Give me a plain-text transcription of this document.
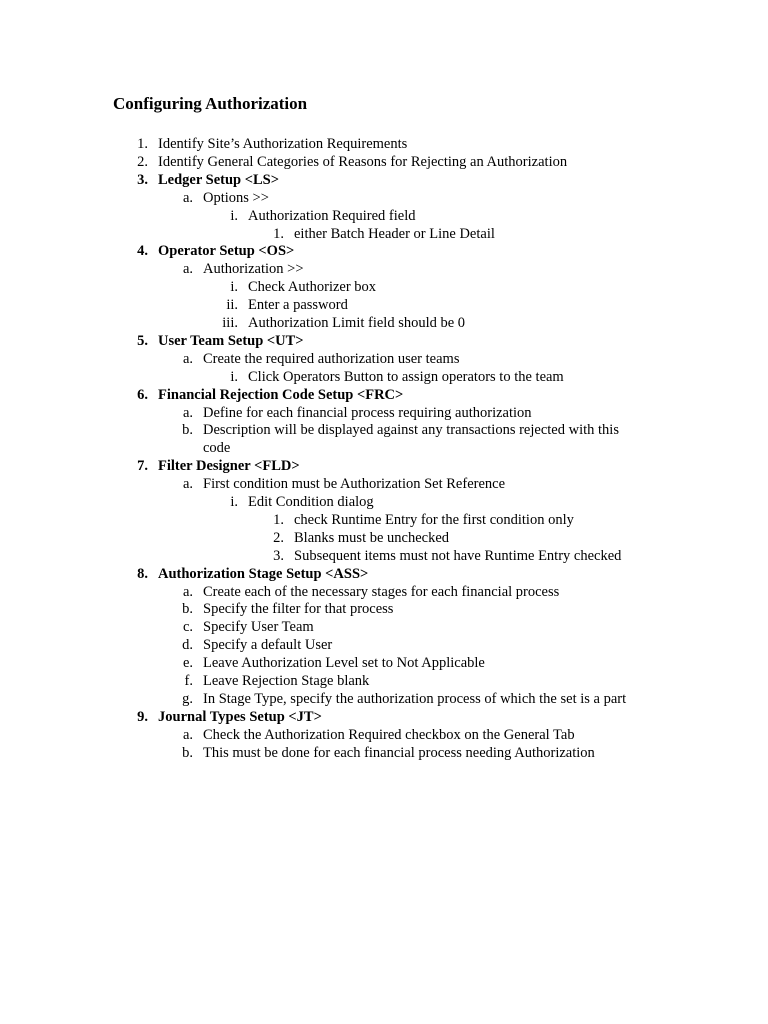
Configuring Authorization
1. Identify Site’s Authorization Requirements
2. Identify General Categories of Reasons for Rejecting an Authorization
3. Ledger Setup <LS>
a. Options >>
i. Authorization Required field
1. either Batch Header or Line Detail
4. Operator Setup <OS>
a. Authorization >>
i. Check Authorizer box
ii. Enter a password
iii. Authorization Limit field should be 0
5. User Team Setup <UT>
a. Create the required authorization user teams
i. Click Operators Button to assign operators to the team
6. Financial Rejection Code Setup <FRC>
a. Define for each financial process requiring authorization
b. Description will be displayed against any transactions rejected with this
code
7. Filter Designer <FLD>
a. First condition must be Authorization Set Reference
i. Edit Condition dialog
1. check Runtime Entry for the first condition only
2. Blanks must be unchecked
3. Subsequent items must not have Runtime Entry checked
8. Authorization Stage Setup <ASS>
a. Create each of the necessary stages for each financial process
b. Specify the filter for that process
c. Specify User Team
d. Specify a default User
e. Leave Authorization Level set to Not Applicable
f. Leave Rejection Stage blank
g. In Stage Type, specify the authorization process of which the set is a part
9. Journal Types Setup <JT>
a. Check the Authorization Required checkbox on the General Tab
b. This must be done for each financial process needing Authorization
